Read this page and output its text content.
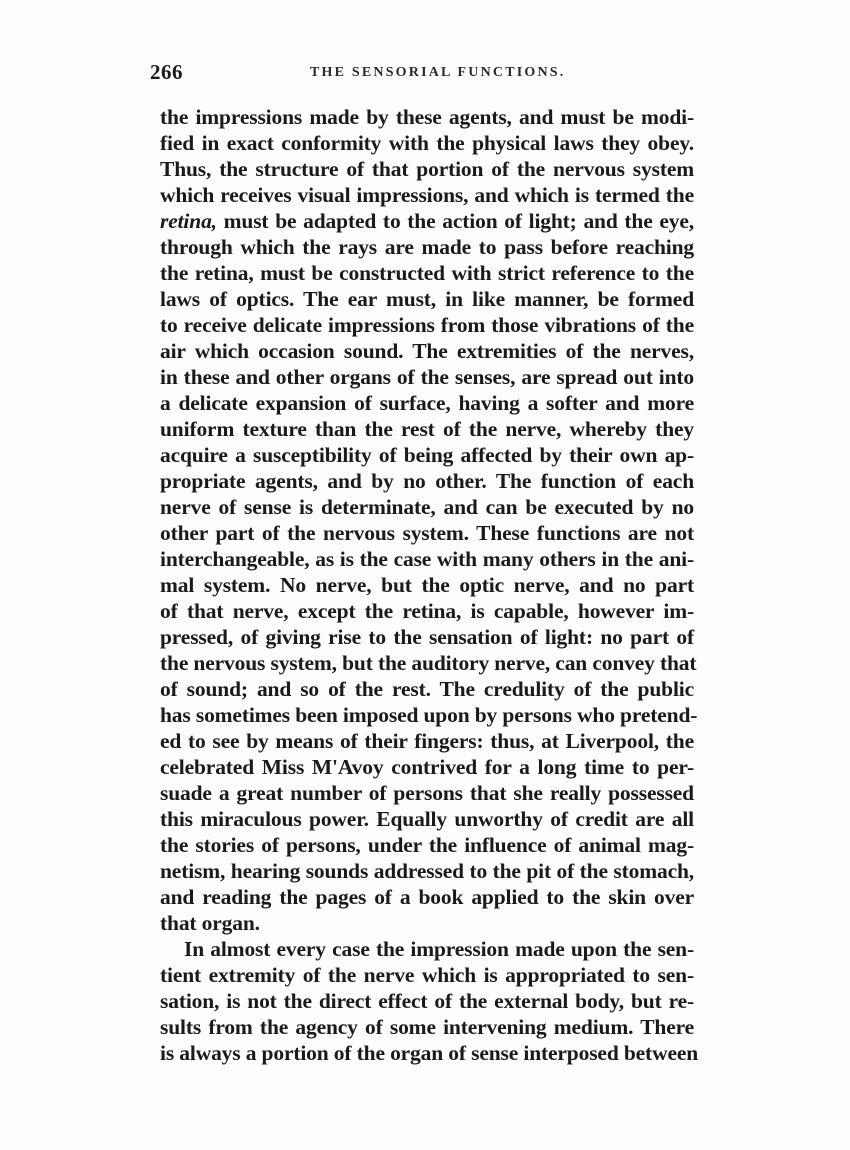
266	THE SENSORIAL FUNCTIONS.
the impressions made by these agents, and must be modi-
fied in exact conformity with the physical laws they obey.
Thus, the structure of that portion of the nervous system
which receives visual impressions, and which is termed the
retina, must be adapted to the action of light; and the eye,
through which the rays are made to pass before reaching
the retina, must be constructed with strict reference to the
laws of optics. The ear must, in like manner, be formed
to receive delicate impressions from those vibrations of the
air which occasion sound. The extremities of the nerves,
in these and other organs of the senses, are spread out into
a delicate expansion of surface, having a softer and more
uniform texture than the rest of the nerve, whereby they
acquire a susceptibility of being affected by their own ap-
propriate agents, and by no other. The function of each
nerve of sense is determinate, and can be executed by no
other part of the nervous system. These functions are not
interchangeable, as is the case with many others in the ani-
mal system. No nerve, but the optic nerve, and no part
of that nerve, except the retina, is capable, however im-
pressed, of giving rise to the sensation of light: no part of
the nervous system, but the auditory nerve, can convey that
of sound; and so of the rest. The credulity of the public
has sometimes been imposed upon by persons who pretend-
ed to see by means of their fingers: thus, at Liverpool, the
celebrated Miss M'Avoy contrived for a long time to per-
suade a great number of persons that she really possessed
this miraculous power. Equally unworthy of credit are all
the stories of persons, under the influence of animal mag-
netism, hearing sounds addressed to the pit of the stomach,
and reading the pages of a book applied to the skin over
that organ.
In almost every case the impression made upon the sen-
tient extremity of the nerve which is appropriated to sen-
sation, is not the direct effect of the external body, but re-
sults from the agency of some intervening medium. There
is always a portion of the organ of sense interposed between
